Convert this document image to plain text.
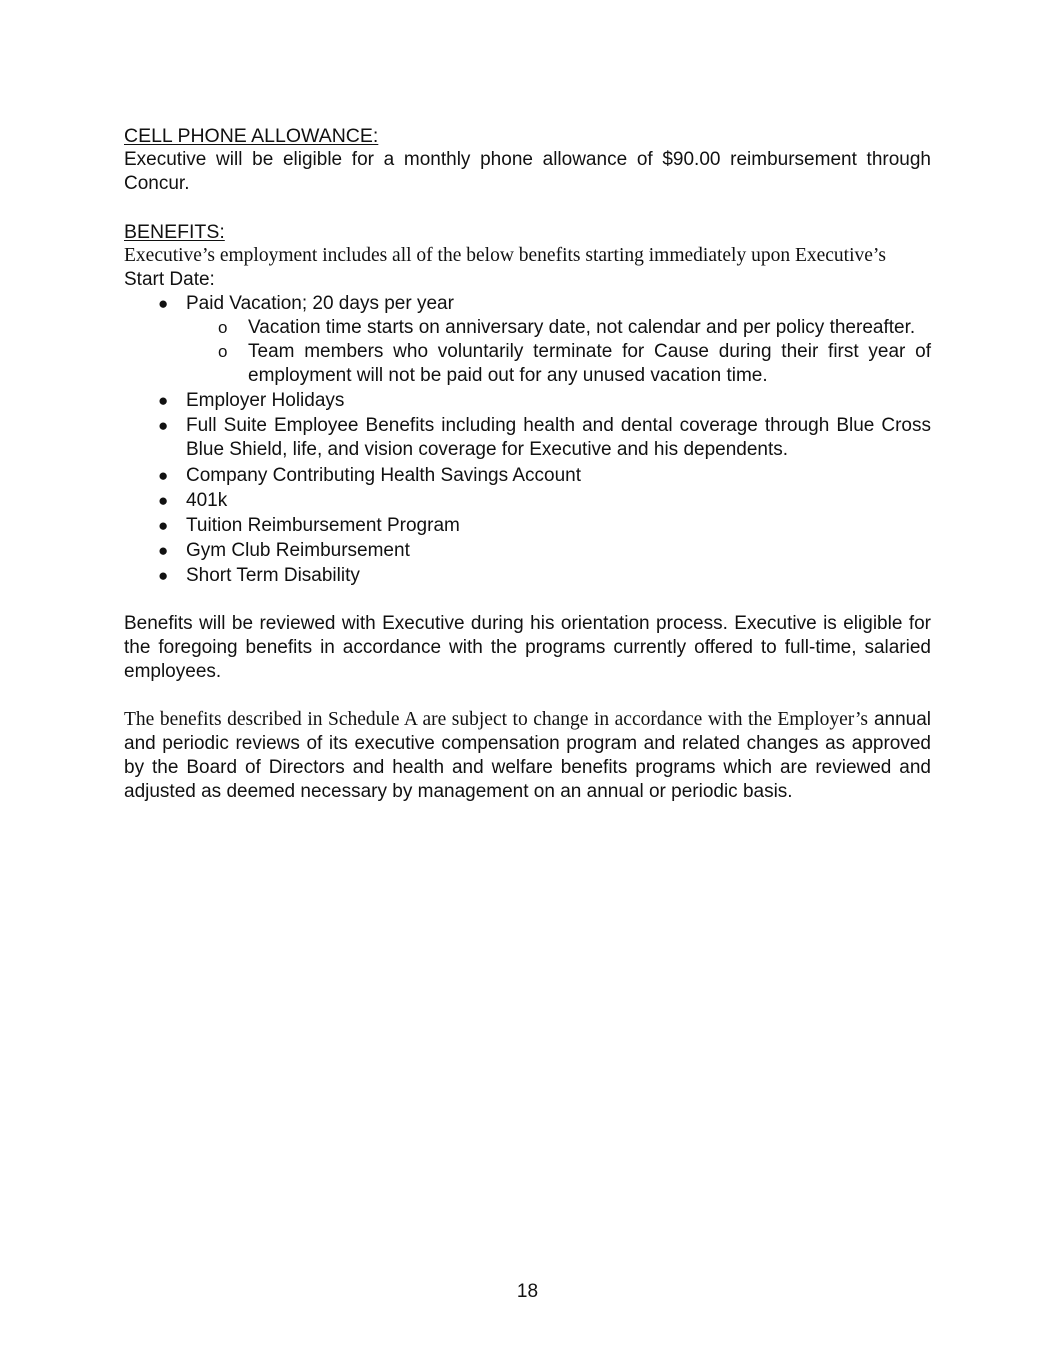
CELL PHONE ALLOWANCE:

Executive will be eligible for a monthly phone allowance of $90.00 reimbursement through Concur.

BENEFITS:

Executive’s employment includes all of the below benefits starting immediately upon Executive’s
Start Date:

● Paid Vacation; 20 days per year
o Vacation time starts on anniversary date, not calendar and per policy thereafter.
o Team members who voluntarily terminate for Cause during their first year of employment will not be paid out for any unused vacation time.
● Employer Holidays
● Full Suite Employee Benefits including health and dental coverage through Blue Cross Blue Shield, life, and vision coverage for Executive and his dependents.
● Company Contributing Health Savings Account
● 401k
● Tuition Reimbursement Program
● Gym Club Reimbursement
● Short Term Disability

Benefits will be reviewed with Executive during his orientation process. Executive is eligible for the foregoing benefits in accordance with the programs currently offered to full-time, salaried employees.

The benefits described in Schedule A are subject to change in accordance with the Employer’s annual and periodic reviews of its executive compensation program and related changes as approved by the Board of Directors and health and welfare benefits programs which are reviewed and adjusted as deemed necessary by management on an annual or periodic basis.

18
